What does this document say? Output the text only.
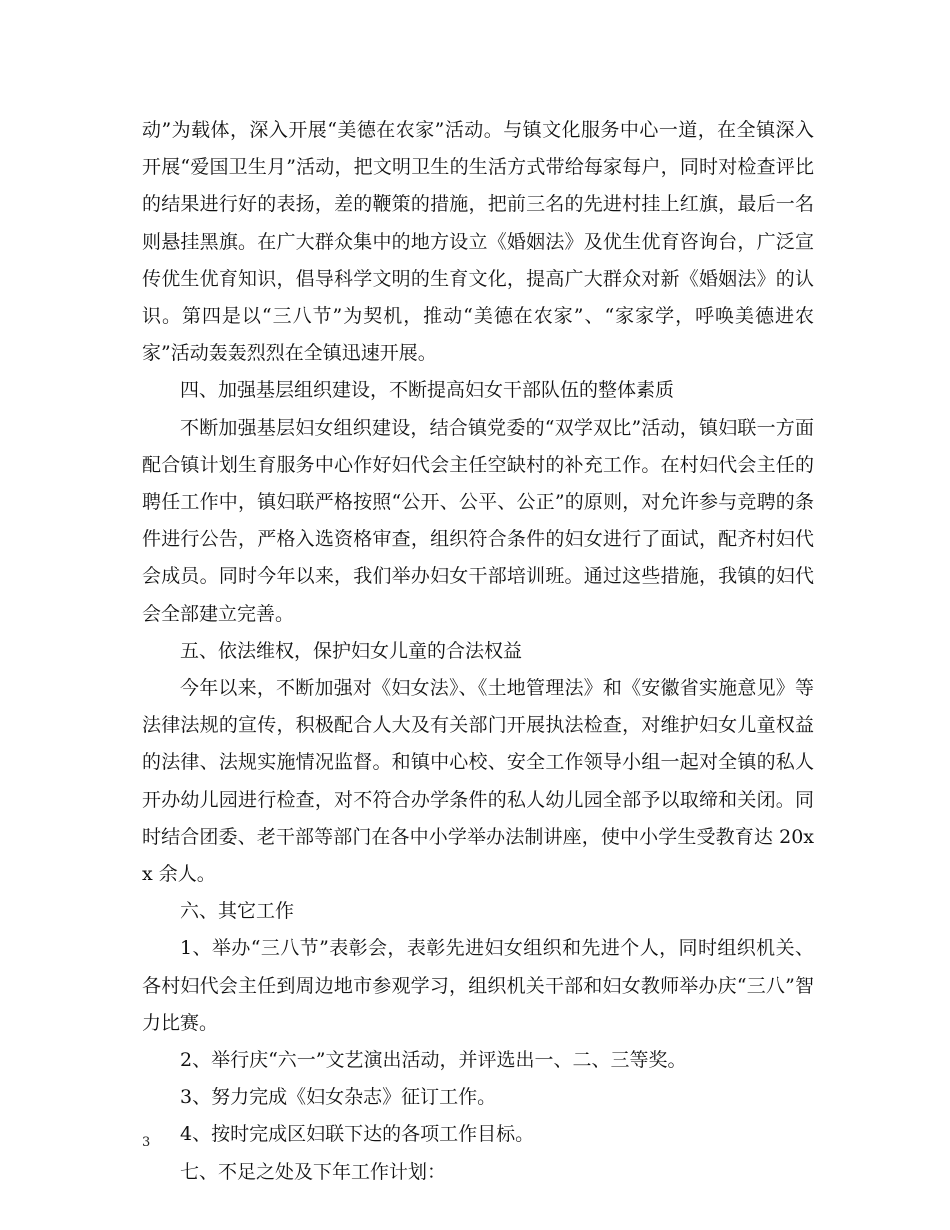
动”为载体，深入开展“美德在农家”活动。与镇文化服务中心一道，在全镇深入开展“爱国卫生月”活动，把文明卫生的生活方式带给每家每户，同时对检查评比的结果进行好的表扬，差的鞭策的措施，把前三名的先进村挂上红旗，最后一名则悬挂黑旗。在广大群众集中的地方设立《婚姻法》及优生优育咨询台，广泛宣传优生优育知识，倡导科学文明的生育文化，提高广大群众对新《婚姻法》的认识。第四是以“三八节”为契机，推动“美德在农家”、“家家学，呼唤美德进农家”活动轰轰烈烈在全镇迅速开展。

四、加强基层组织建设，不断提高妇女干部队伍的整体素质

不断加强基层妇女组织建设，结合镇党委的“双学双比”活动，镇妇联一方面配合镇计划生育服务中心作好妇代会主任空缺村的补充工作。在村妇代会主任的聘任工作中，镇妇联严格按照“公开、公平、公正”的原则，对允许参与竞聘的条件进行公告，严格入选资格审查，组织符合条件的妇女进行了面试，配齐村妇代会成员。同时今年以来，我们举办妇女干部培训班。通过这些措施，我镇的妇代会全部建立完善。

五、依法维权，保护妇女儿童的合法权益

今年以来，不断加强对《妇女法》、《土地管理法》和《安徽省实施意见》等法律法规的宣传，积极配合人大及有关部门开展执法检查，对维护妇女儿童权益的法律、法规实施情况监督。和镇中心校、安全工作领导小组一起对全镇的私人开办幼儿园进行检查，对不符合办学条件的私人幼儿园全部予以取缔和关闭。同时结合团委、老干部等部门在各中小学举办法制讲座，使中小学生受教育达 20xx 余人。

六、其它工作

1、举办“三八节”表彰会，表彰先进妇女组织和先进个人，同时组织机关、各村妇代会主任到周边地市参观学习，组织机关干部和妇女教师举办庆“三八”智力比赛。

2、举行庆“六一”文艺演出活动，并评选出一、二、三等奖。

3、努力完成《妇女杂志》征订工作。

4、按时完成区妇联下达的各项工作目标。

七、不足之处及下年工作计划：

3
